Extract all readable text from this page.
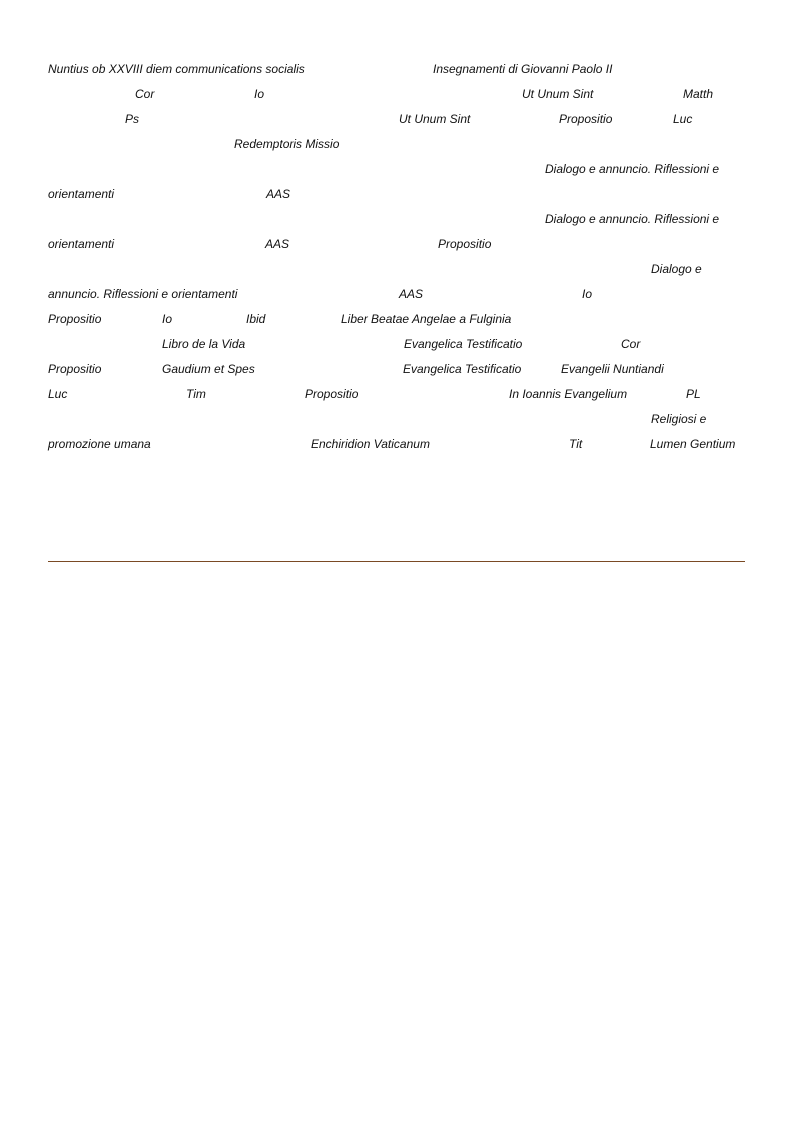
Nuntius ob XXVIII diem communications socialis	Insegnamenti di Giovanni Paolo II
Cor	Io	Ut Unum Sint	Matth
Ps	Ut Unum Sint	Propositio	Luc
Redemptoris Missio
Dialogo e annuncio. Riflessioni e
orientamenti	AAS
Dialogo e annuncio. Riflessioni e
orientamenti	AAS	Propositio
Dialogo e
annuncio. Riflessioni e orientamenti	AAS	Io
Propositio	Io	Ibid	Liber Beatae Angelae a Fulginia
Libro de la Vida	Evangelica Testificatio	Cor
Propositio	Gaudium et Spes	Evangelica Testificatio	Evangelii Nuntiandi
Luc	Tim	Propositio	In Ioannis Evangelium	PL
Religiosi e
promozione umana	Enchiridion Vaticanum	Tit	Lumen Gentium
